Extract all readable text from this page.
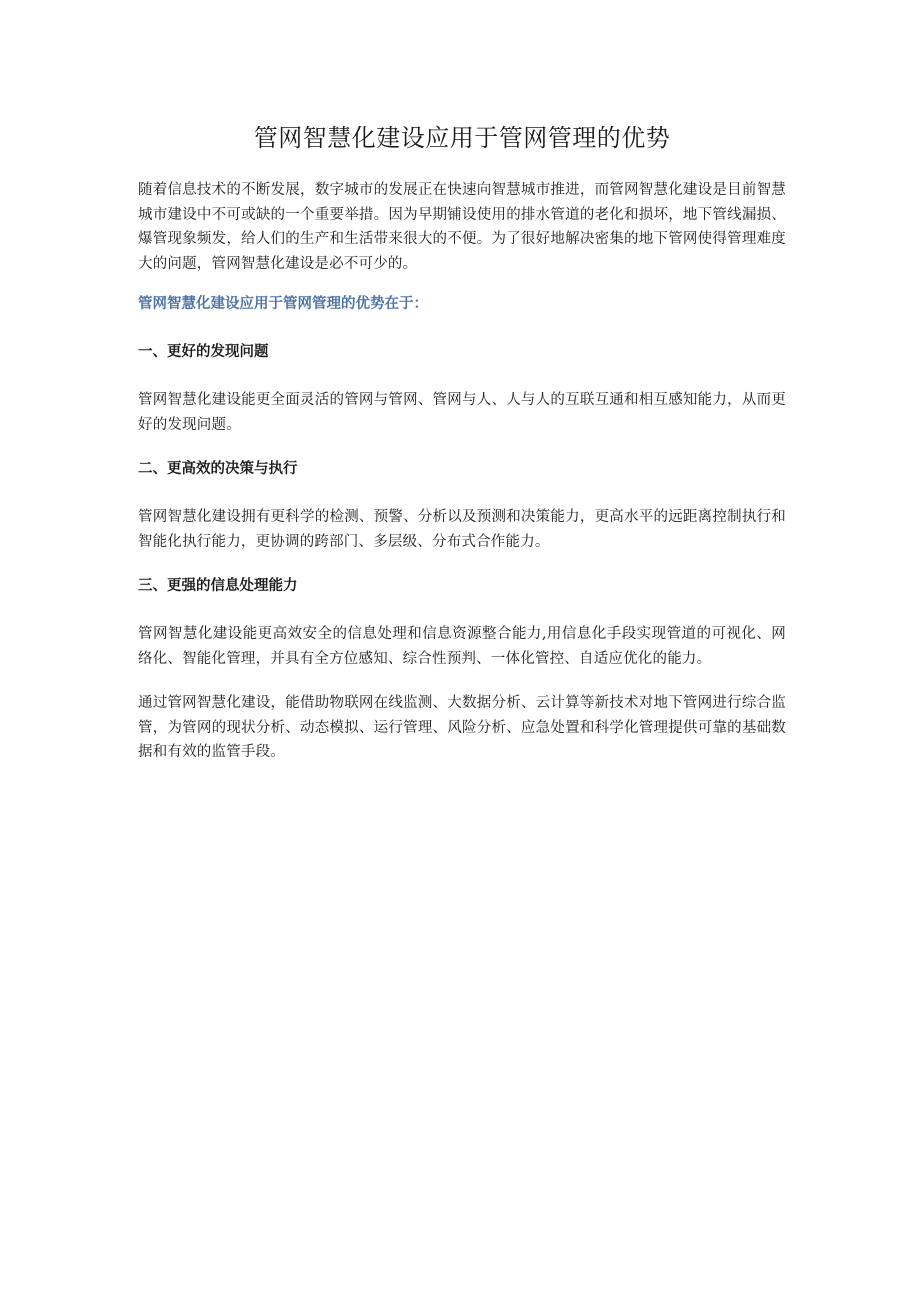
管网智慧化建设应用于管网管理的优势

随着信息技术的不断发展，数字城市的发展正在快速向智慧城市推进，而管网智慧化建设是目前智慧城市建设中不可或缺的一个重要举措。因为早期铺设使用的排水管道的老化和损坏，地下管线漏损、爆管现象频发，给人们的生产和生活带来很大的不便。为了很好地解决密集的地下管网使得管理难度大的问题，管网智慧化建设是必不可少的。

管网智慧化建设应用于管网管理的优势在于：

一、更好的发现问题

管网智慧化建设能更全面灵活的管网与管网、管网与人、人与人的互联互通和相互感知能力，从而更好的发现问题。

二、更高效的决策与执行

管网智慧化建设拥有更科学的检测、预警、分析以及预测和决策能力，更高水平的远距离控制执行和智能化执行能力，更协调的跨部门、多层级、分布式合作能力。

三、更强的信息处理能力

管网智慧化建设能更高效安全的信息处理和信息资源整合能力,用信息化手段实现管道的可视化、网络化、智能化管理，并具有全方位感知、综合性预判、一体化管控、自适应优化的能力。

通过管网智慧化建设，能借助物联网在线监测、大数据分析、云计算等新技术对地下管网进行综合监管，为管网的现状分析、动态模拟、运行管理、风险分析、应急处置和科学化管理提供可靠的基础数据和有效的监管手段。
